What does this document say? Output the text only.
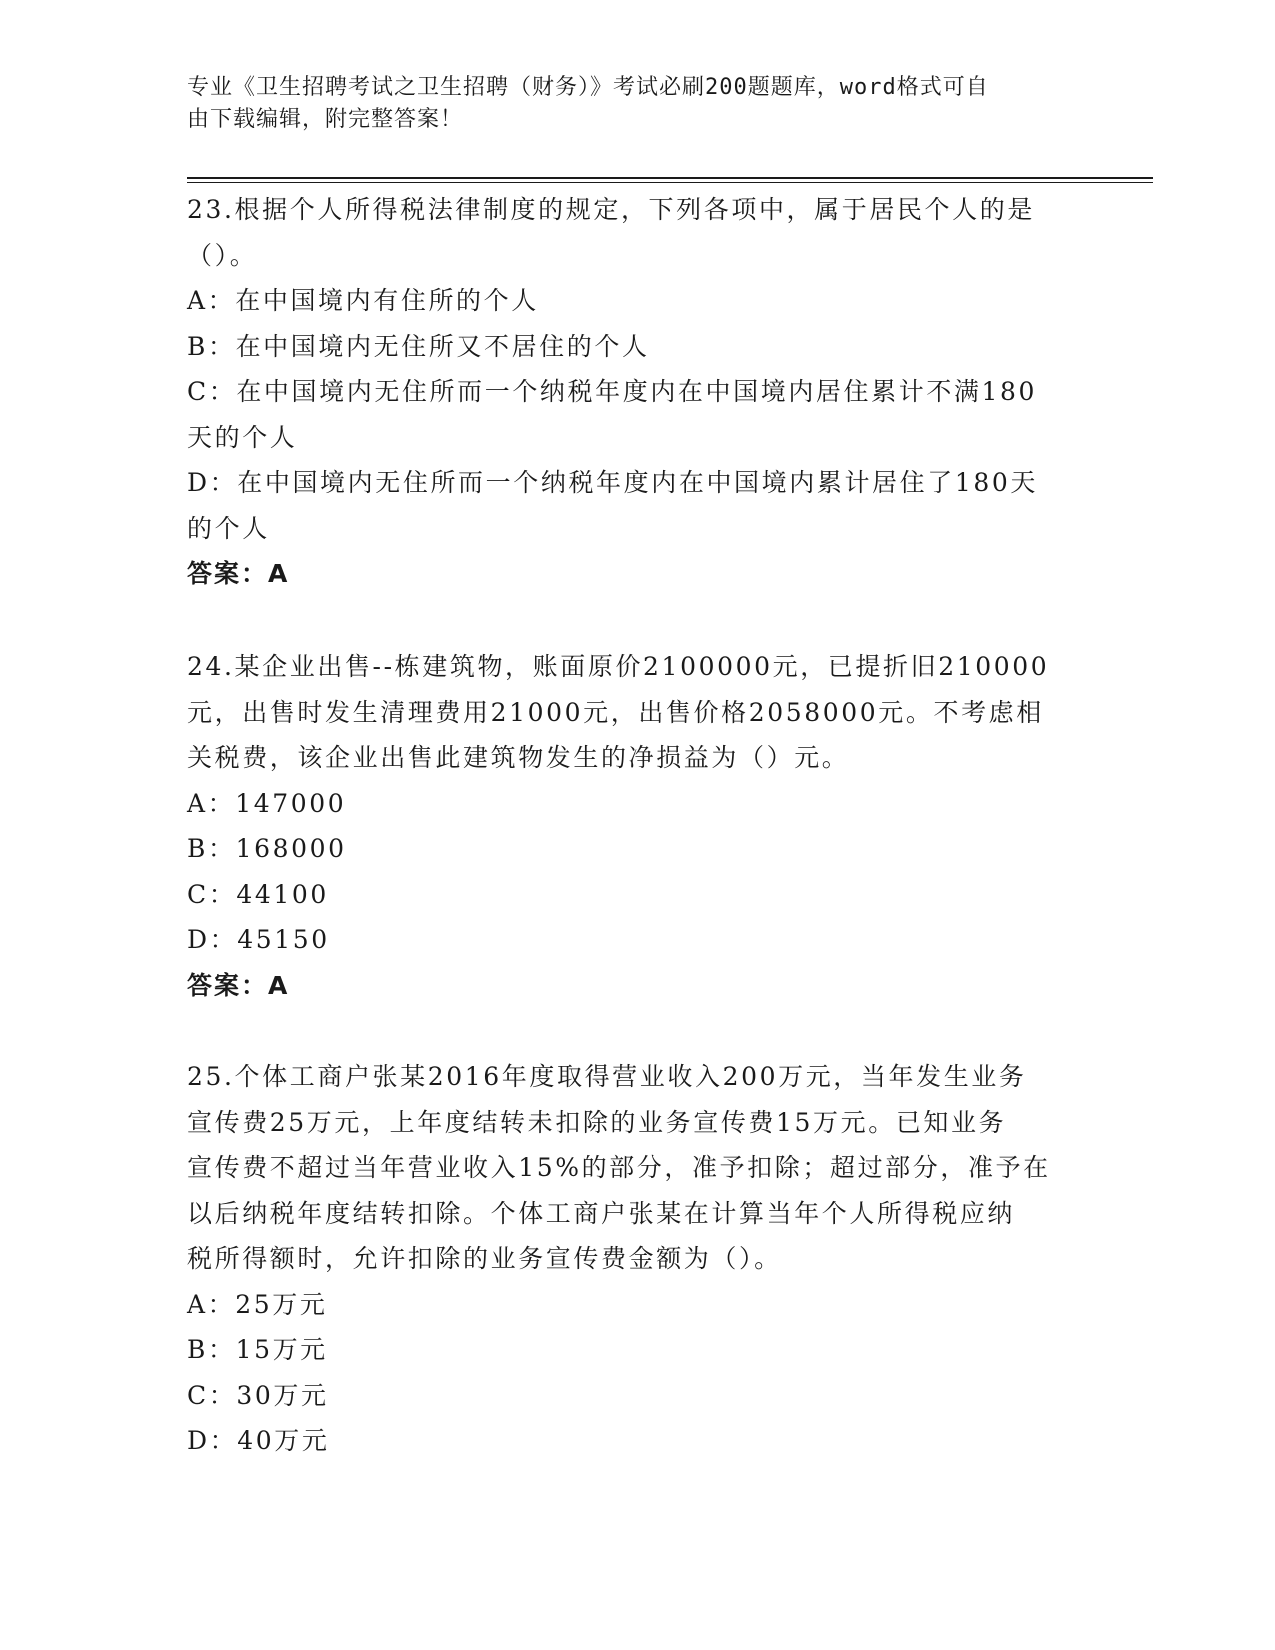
专业《卫生招聘考试之卫生招聘（财务）》考试必刷200题题库，word格式可自
由下载编辑，附完整答案！

23.根据个人所得税法律制度的规定，下列各项中，属于居民个人的是

（）。

A：在中国境内有住所的个人

B：在中国境内无住所又不居住的个人

C：在中国境内无住所而一个纳税年度内在中国境内居住累计不满180

天的个人

D：在中国境内无住所而一个纳税年度内在中国境内累计居住了180天

的个人

答案：A

24.某企业出售--栋建筑物，账面原价2100000元，已提折旧210000

元，出售时发生清理费用21000元，出售价格2058000元。不考虑相

关税费，该企业出售此建筑物发生的净损益为（）元。

A：147000

B：168000

C：44100

D：45150

答案：A

25.个体工商户张某2016年度取得营业收入200万元，当年发生业务

宣传费25万元，上年度结转未扣除的业务宣传费15万元。已知业务

宣传费不超过当年营业收入15%的部分，准予扣除；超过部分，准予在

以后纳税年度结转扣除。个体工商户张某在计算当年个人所得税应纳

税所得额时，允许扣除的业务宣传费金额为（）。

A：25万元

B：15万元

C：30万元

D：40万元
